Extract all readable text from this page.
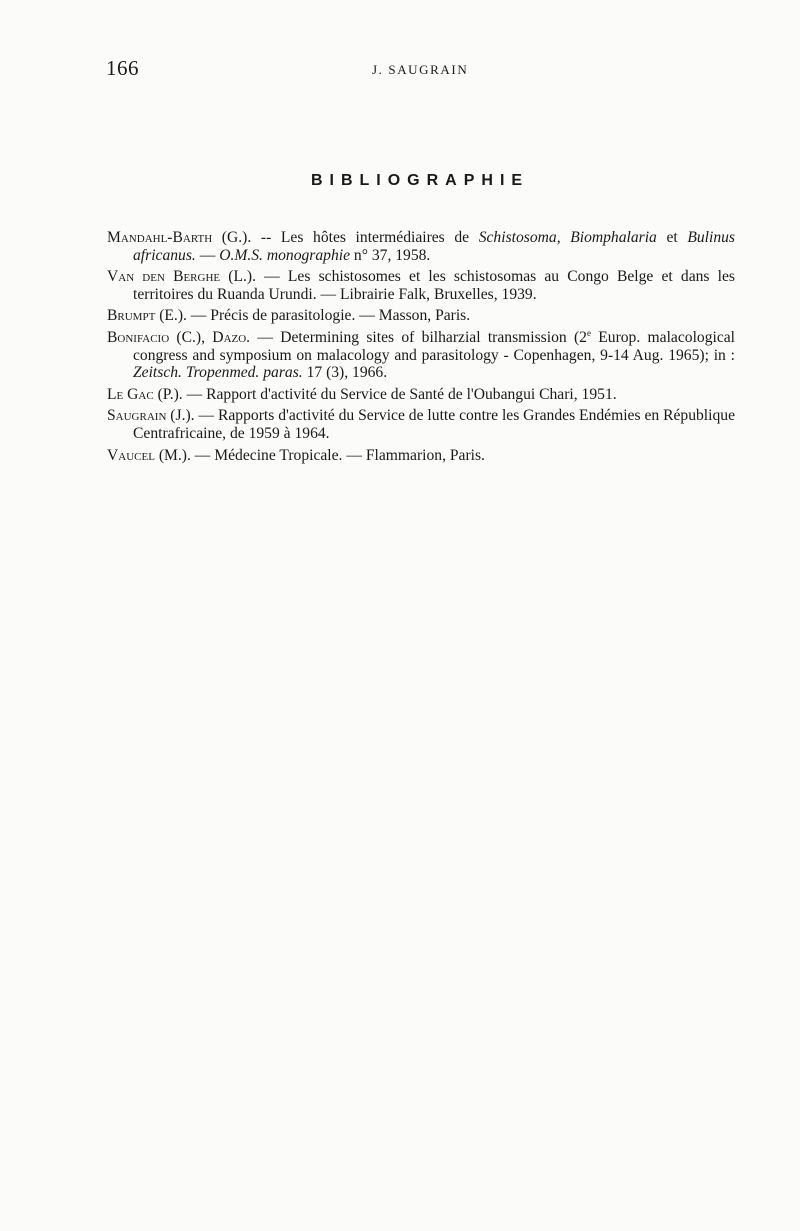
166	J. SAUGRAIN
BIBLIOGRAPHIE
Mandahl-Barth (G.). -- Les hôtes intermédiaires de Schistosoma, Biomphalaria et Bulinus africanus. — O.M.S. monographie n° 37, 1958.
Van den Berghe (L.). — Les schistosomes et les schistosomas au Congo Belge et dans les territoires du Ruanda Urundi. — Librairie Falk, Bruxelles, 1939.
Brumpt (E.). — Précis de parasitologie. — Masson, Paris.
Bonifacio (C.), Dazo. — Determining sites of bilharzial transmission (2e Europ. malacological congress and symposium on malacology and parasitology - Copenhagen, 9-14 Aug. 1965); in : Zeitsch. Tropenmed. paras. 17 (3), 1966.
Le Gac (P.). — Rapport d'activité du Service de Santé de l'Oubangui Chari, 1951.
Saugrain (J.). — Rapports d'activité du Service de lutte contre les Grandes Endémies en République Centrafricaine, de 1959 à 1964.
Vaucel (M.). — Médecine Tropicale. — Flammarion, Paris.
